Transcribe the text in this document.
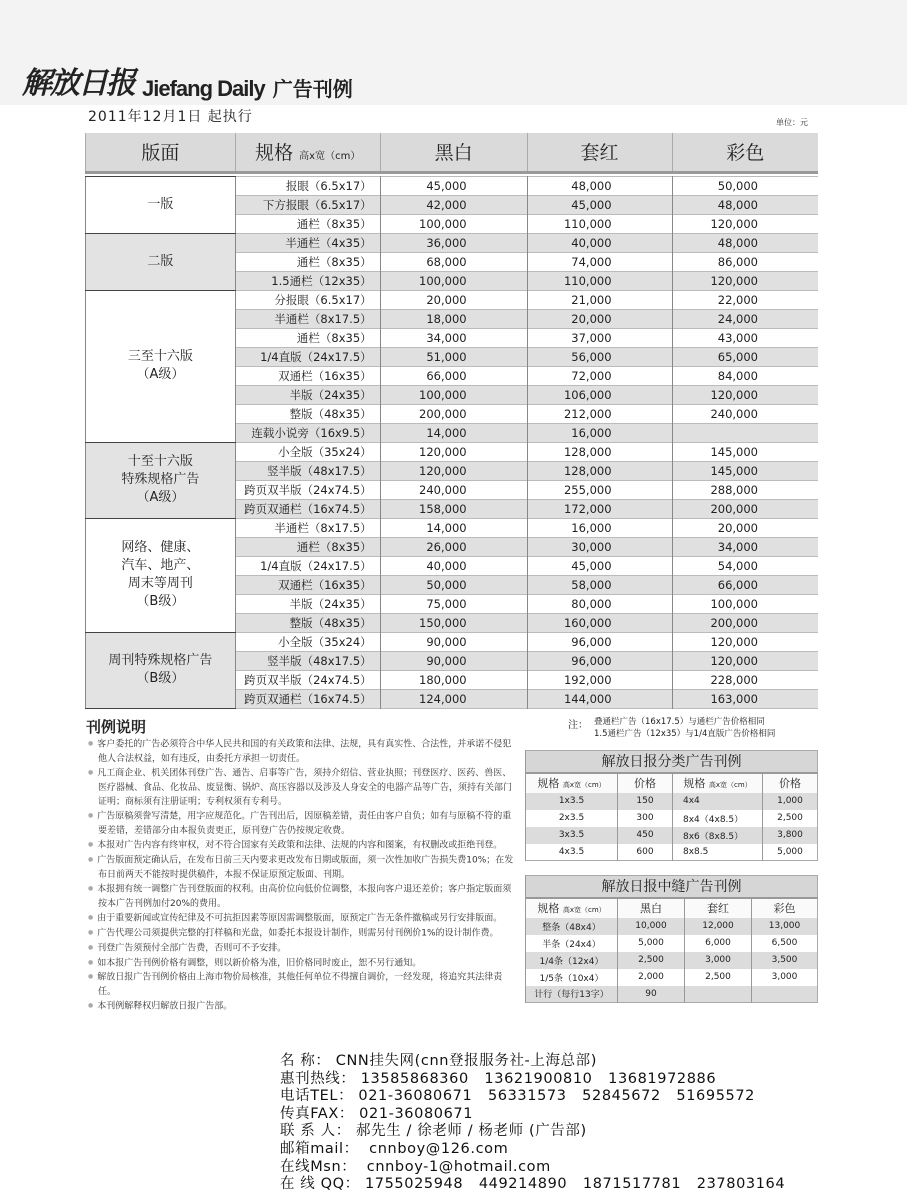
解放日报 Jiefang Daily 广告刊例
2011年12月1日 起执行	单位：元
版面	规格 高x宽（cm）	黑白	套红	彩色

一版	报眼（6.5x17）	45,000	48,000	50,000
	下方报眼（6.5x17）	42,000	45,000	48,000
	通栏（8x35）	100,000	110,000	120,000
二版	半通栏（4x35）	36,000	40,000	48,000
	通栏（8x35）	68,000	74,000	86,000
	1.5通栏（12x35）	100,000	110,000	120,000
三至十六版
（A级）	分报眼（6.5x17）	20,000	21,000	22,000
	半通栏（8x17.5）	18,000	20,000	24,000
	通栏（8x35）	34,000	37,000	43,000
	1/4直版（24x17.5）	51,000	56,000	65,000
	双通栏（16x35）	66,000	72,000	84,000
	半版（24x35）	100,000	106,000	120,000
	整版（48x35）	200,000	212,000	240,000
	连载小说旁（16x9.5）	14,000	16,000	
十至十六版
特殊规格广告
（A级）	小全版（35x24）	120,000	128,000	145,000
	竖半版（48x17.5）	120,000	128,000	145,000
	跨页双半版（24x74.5）	240,000	255,000	288,000
	跨页双通栏（16x74.5）	158,000	172,000	200,000
网络、健康、
汽车、地产、
周末等周刊
（B级）	半通栏（8x17.5）	14,000	16,000	20,000
	通栏（8x35）	26,000	30,000	34,000
	1/4直版（24x17.5）	40,000	45,000	54,000
	双通栏（16x35）	50,000	58,000	66,000
	半版（24x35）	75,000	80,000	100,000
	整版（48x35）	150,000	160,000	200,000
周刊特殊规格广告
（B级）	小全版（35x24）	90,000	96,000	120,000
	竖半版（48x17.5）	90,000	96,000	120,000
	跨页双半版（24x74.5）	180,000	192,000	228,000
	跨页双通栏（16x74.5）	124,000	144,000	163,000
刊例说明
● 客户委托的广告必须符合中华人民共和国的有关政策和法律、法规，具有真实性、合法性，并承诺不侵犯他人合法权益，如有违反，由委托方承担一切责任。
● 凡工商企业、机关团体刊登广告、通告、启事等广告，须持介绍信、营业执照；刊登医疗、医药、兽医、医疗器械、食品、化妆品、废显衡、锅炉、高压容器以及涉及人身安全的电器产品等广告，须持有关部门证明；商标须有注册证明；专利权须有专利号。
● 广告原稿须誊写清楚，用字应规范化。广告刊出后，因原稿差错，责任由客户自负；如有与原稿不符的重要差错，差错部分由本报负责更正，原刊登广告仍按规定收费。
● 本报对广告内容有终审权，对不符合国家有关政策和法律、法规的内容和图案，有权删改或拒绝刊登。
● 广告版面预定确认后，在发布日前三天内要求更改发布日期或版面，须一次性加收广告损失费10%；在发布日前两天不能按时提供稿件，本报不保证原预定版面、刊期。
● 本报拥有统一调整广告刊登版面的权利。由高价位向低价位调整，本报向客户退还差价；客户指定版面须按本广告刊例加付20%的费用。
● 由于重要新闻或宣传纪律及不可抗拒因素等原因需调整版面，原预定广告无条件撤稿或另行安排版面。
● 广告代理公司须提供完整的打样稿和光盘，如委托本报设计制作，则需另付刊例价1%的设计制作费。
● 刊登广告须预付全部广告费，否则可不予安排。
● 如本报广告刊例价格有调整，则以新价格为准，旧价格同时废止，恕不另行通知。
● 解放日报广告刊例价格由上海市物价局核准，其他任何单位不得擅自调价，一经发现，将追究其法律责任。
● 本刊例解释权归解放日报广告部。
注： 叠通栏广告（16x17.5）与通栏广告价格相同
1.5通栏广告（12x35）与1/4直版广告价格相同
解放日报分类广告刊例			
规格 高x宽（cm）	价格	规格 高x宽（cm）	价格
1x3.5	150	4x4	1,000
2x3.5	300	8x4（4x8.5）	2,500
3x3.5	450	8x6（8x8.5）	3,800
4x3.5	600	8x8.5	5,000
解放日报中缝广告刊例			
规格 高x宽（cm）	黑白	套红	彩色
整条（48x4）	10,000	12,000	13,000
半条（24x4）	5,000	6,000	6,500
1/4条（12x4）	2,500	3,000	3,500
1/5条（10x4）	2,000	2,500	3,000
计行（每行13字）	90		
名 称： CNN挂失网(cnn登报服务社-上海总部)
惠刊热线： 13585868360   13621900810   13681972886
电话TEL： 021-36080671   56331573   52845672   51695572
传真FAX： 021-36080671
联 系 人： 郝先生 / 徐老师 / 杨老师 (广告部)
邮箱mail：  cnnboy@126.com
在线Msn：  cnnboy-1@hotmail.com
在 线 QQ： 1755025948   449214890   1871517781   237803164
